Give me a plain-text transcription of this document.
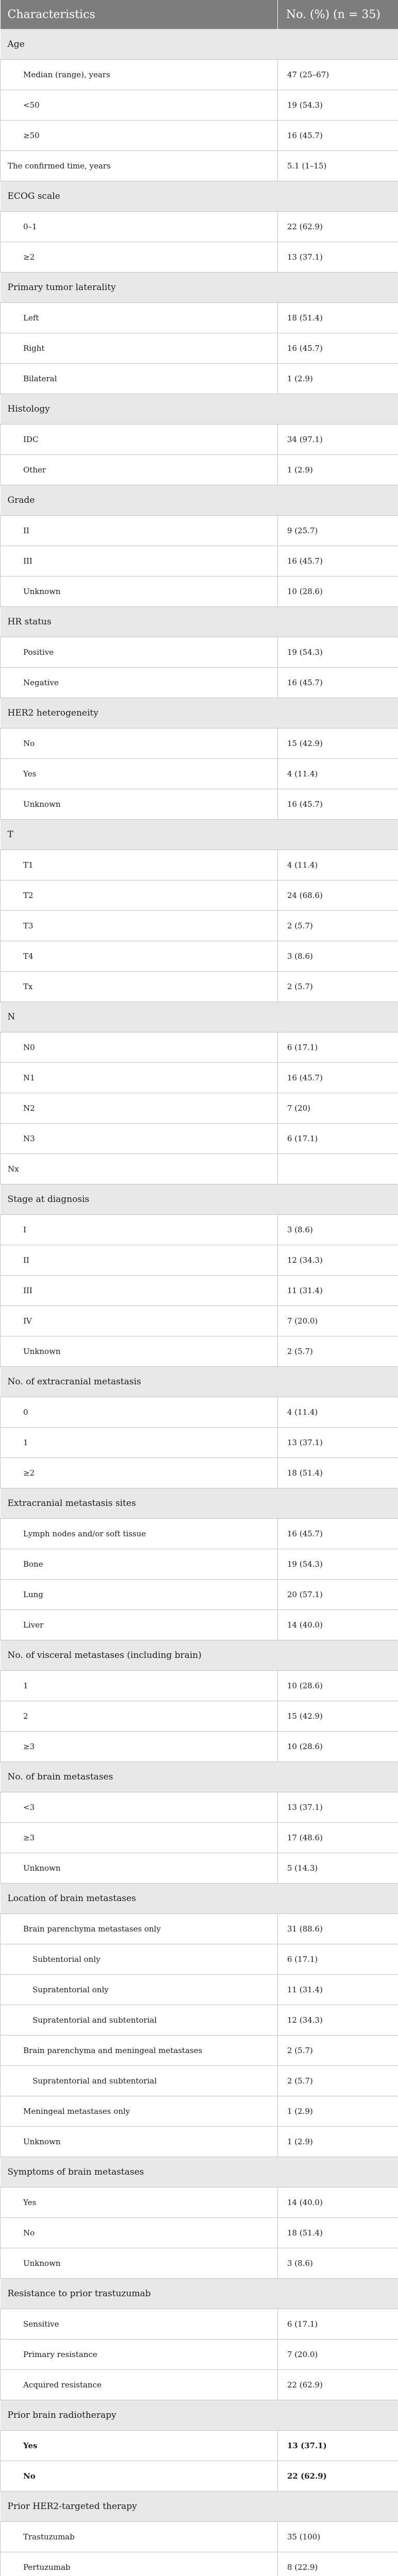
Characteristics	No. (%) (n = 35)
Age	
Median (range), years	47 (25–67)
<50	19 (54.3)
≥50	16 (45.7)
The confirmed time, years	5.1 (1–15)
ECOG scale	
0–1	22 (62.9)
≥2	13 (37.1)
Primary tumor laterality	
Left	18 (51.4)
Right	16 (45.7)
Bilateral	1 (2.9)
Histology	
IDC	34 (97.1)
Other	1 (2.9)
Grade	
II	9 (25.7)
III	16 (45.7)
Unknown	10 (28.6)
HR status	
Positive	19 (54.3)
Negative	16 (45.7)
HER2 heterogeneity	
No	15 (42.9)
Yes	4 (11.4)
Unknown	16 (45.7)
T	
T1	4 (11.4)
T2	24 (68.6)
T3	2 (5.7)
T4	3 (8.6)
Tx	2 (5.7)
N	
N0	6 (17.1)
N1	16 (45.7)
N2	7 (20)
N3	6 (17.1)
Nx	
Stage at diagnosis	
I	3 (8.6)
II	12 (34.3)
III	11 (31.4)
IV	7 (20.0)
Unknown	2 (5.7)
No. of extracranial metastasis	
0	4 (11.4)
1	13 (37.1)
≥2	18 (51.4)
Extracranial metastasis sites	
Lymph nodes and/or soft tissue	16 (45.7)
Bone	19 (54.3)
Lung	20 (57.1)
Liver	14 (40.0)
No. of visceral metastases (including brain)	
1	10 (28.6)
2	15 (42.9)
≥3	10 (28.6)
No. of brain metastases	
<3	13 (37.1)
≥3	17 (48.6)
Unknown	5 (14.3)
Location of brain metastases	
Brain parenchyma metastases only	31 (88.6)
Subtentorial only	6 (17.1)
Supratentorial only	11 (31.4)
Supratentorial and subtentorial	12 (34.3)
Brain parenchyma and meningeal metastases	2 (5.7)
Supratentorial and subtentorial	2 (5.7)
Meningeal metastases only	1 (2.9)
Unknown	1 (2.9)
Symptoms of brain metastases	
Yes	14 (40.0)
No	18 (51.4)
Unknown	3 (8.6)
Resistance to prior trastuzumab	
Sensitive	6 (17.1)
Primary resistance	7 (20.0)
Acquired resistance	22 (62.9)
Prior brain radiotherapy	
Yes	13 (37.1)
No	22 (62.9)
Prior HER2-targeted therapy	
Trastuzumab	35 (100)
Pertuzumab	8 (22.9)
